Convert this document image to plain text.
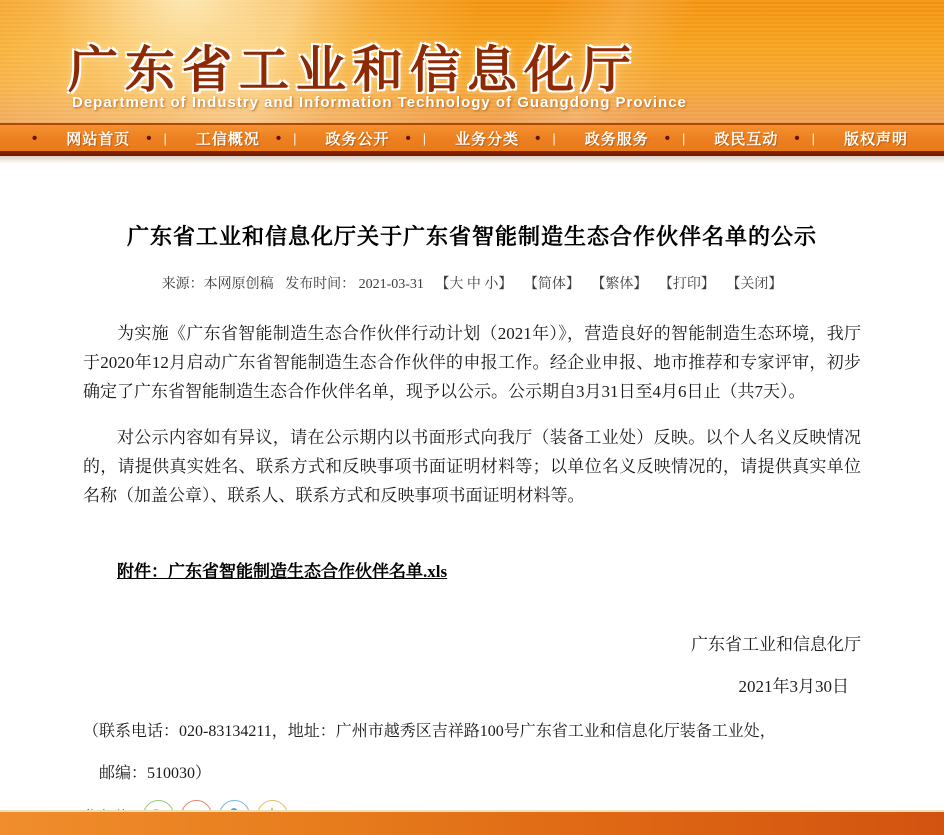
广东省工业和信息化厅
Department of Industry and Information Technology of Guangdong Province
•	网站首页	• |	工信概况	• |	政务公开	• |	业务分类	• |	政务服务	• |	政民互动	• |	版权声明
广东省工业和信息化厅关于广东省智能制造生态合作伙伴名单的公示
来源：本网原创稿 发布时间： 2021-03-31 【大 中 小】 【简体】 【繁体】 【打印】 【关闭】

为实施《广东省智能制造生态合作伙伴行动计划（2021年）》，营造良好的智能制造生态环境，我厅于2020年12月启动广东省智能制造生态合作伙伴的申报工作。经企业申报、地市推荐和专家评审，初步确定了广东省智能制造生态合作伙伴名单，现予以公示。公示期自3月31日至4月6日止（共7天）。

对公示内容如有异议，请在公示期内以书面形式向我厅（装备工业处）反映。以个人名义反映情况的，请提供真实姓名、联系方式和反映事项书面证明材料等；以单位名义反映情况的，请提供真实单位名称（加盖公章）、联系人、联系方式和反映事项书面证明材料等。

附件：广东省智能制造生态合作伙伴名单.xls
广东省工业和信息化厅
2021年3月30日
（联系电话：020-83134211，地址：广州市越秀区吉祥路100号广东省工业和信息化厅装备工业处，
邮编：510030）
